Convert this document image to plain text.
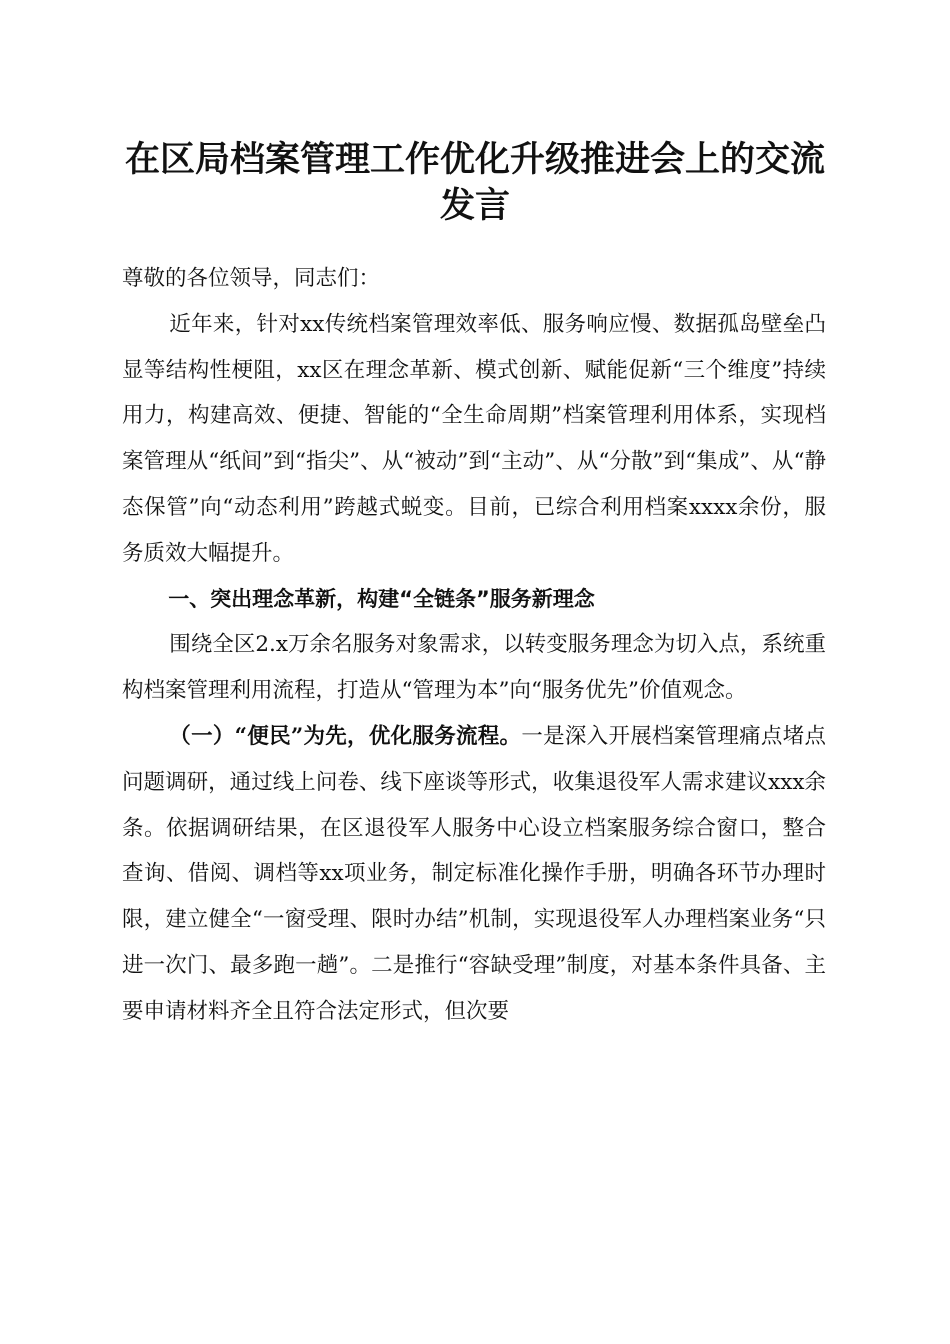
在区局档案管理工作优化升级推进会上的交流
发言

尊敬的各位领导，同志们：

近年来，针对xx传统档案管理效率低、服务响应慢、数据孤岛壁垒凸显等结构性梗阻，xx区在理念革新、模式创新、赋能促新“三个维度”持续用力，构建高效、便捷、智能的“全生命周期”档案管理利用体系，实现档案管理从“纸间”到“指尖”、从“被动”到“主动”、从“分散”到“集成”、从“静态保管”向“动态利用”跨越式蜕变。目前，已综合利用档案xxxx余份，服务质效大幅提升。

一、突出理念革新，构建“全链条”服务新理念

围绕全区2.x万余名服务对象需求，以转变服务理念为切入点，系统重构档案管理利用流程，打造从“管理为本”向“服务优先”价值观念。

（一）“便民”为先，优化服务流程。一是深入开展档案管理痛点堵点问题调研，通过线上问卷、线下座谈等形式，收集退役军人需求建议xxx余条。依据调研结果，在区退役军人服务中心设立档案服务综合窗口，整合查询、借阅、调档等xx项业务，制定标准化操作手册，明确各环节办理时限，建立健全“一窗受理、限时办结”机制，实现退役军人办理档案业务“只进一次门、最多跑一趟”。二是推行“容缺受理”制度，对基本条件具备、主要申请材料齐全且符合法定形式，但次要
